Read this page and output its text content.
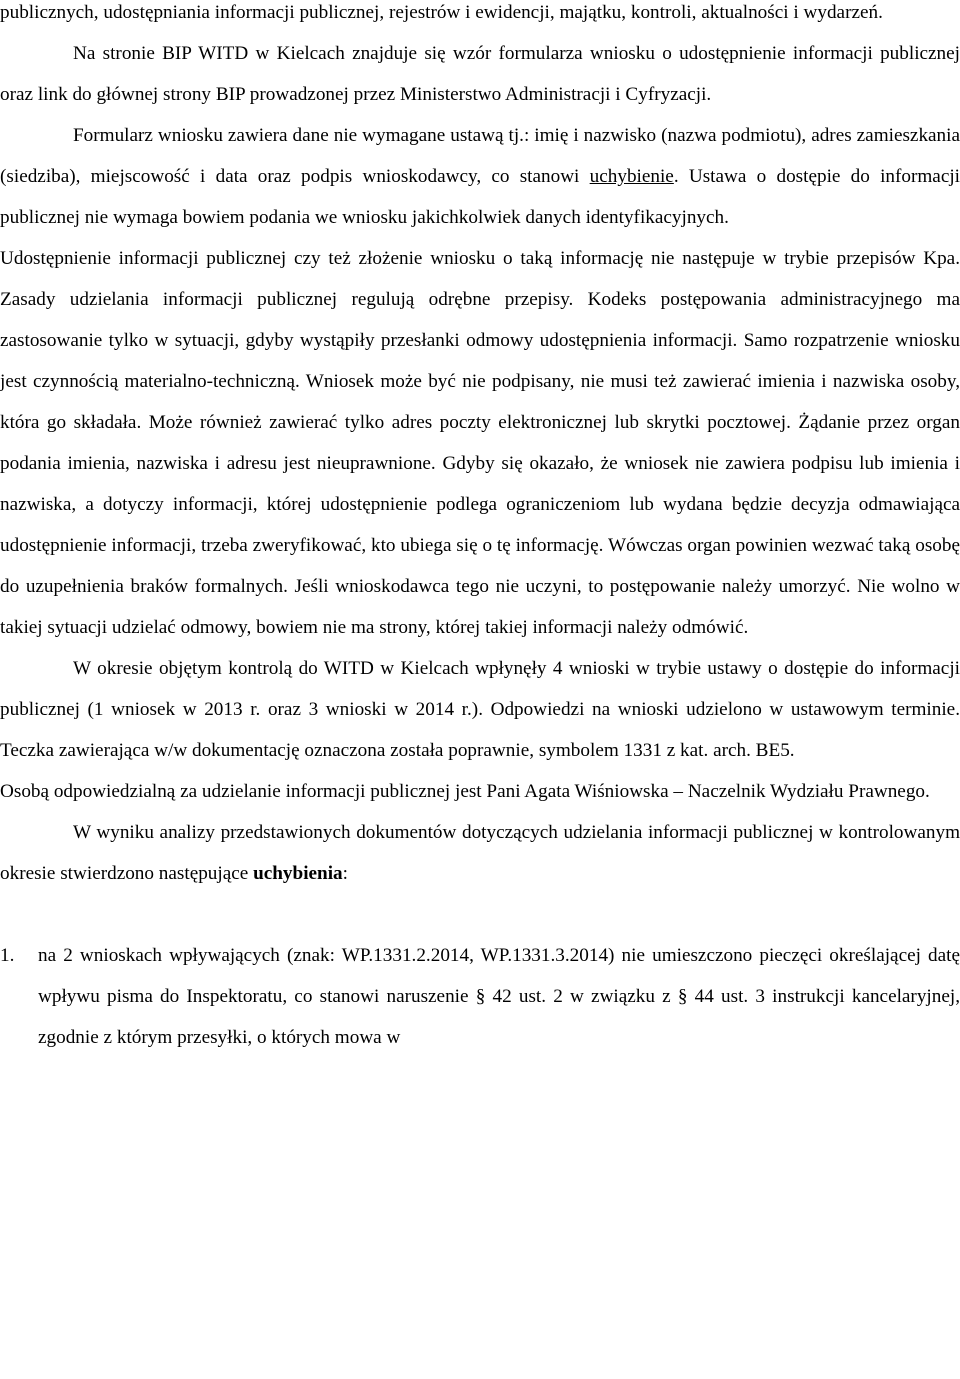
publicznych, udostępniania informacji publicznej, rejestrów i ewidencji, majątku, kontroli, aktualności i wydarzeń.

Na stronie BIP WITD w Kielcach znajduje się wzór formularza wniosku o udostępnienie informacji publicznej oraz link do głównej strony BIP prowadzonej przez Ministerstwo Administracji i Cyfryzacji.

Formularz wniosku zawiera dane nie wymagane ustawą tj.: imię i nazwisko (nazwa podmiotu), adres zamieszkania (siedziba), miejscowość i data oraz podpis wnioskodawcy, co stanowi uchybienie. Ustawa o dostępie do informacji publicznej nie wymaga bowiem podania we wniosku jakichkolwiek danych identyfikacyjnych.

Udostępnienie informacji publicznej czy też złożenie wniosku o taką informację nie następuje w trybie przepisów Kpa. Zasady udzielania informacji publicznej regulują odrębne przepisy. Kodeks postępowania administracyjnego ma zastosowanie tylko w sytuacji, gdyby wystąpiły przesłanki odmowy udostępnienia informacji. Samo rozpatrzenie wniosku jest czynnością materialno-techniczną. Wniosek może być nie podpisany, nie musi też zawierać imienia i nazwiska osoby, która go składała. Może również zawierać tylko adres poczty elektronicznej lub skrytki pocztowej. Żądanie przez organ podania imienia, nazwiska i adresu jest nieuprawnione. Gdyby się okazało, że wniosek nie zawiera podpisu lub imienia i nazwiska, a dotyczy informacji, której udostępnienie podlega ograniczeniom lub wydana będzie decyzja odmawiająca udostępnienie informacji, trzeba zweryfikować, kto ubiega się o tę informację. Wówczas organ powinien wezwać taką osobę do uzupełnienia braków formalnych. Jeśli wnioskodawca tego nie uczyni, to postępowanie należy umorzyć. Nie wolno w takiej sytuacji udzielać odmowy, bowiem nie ma strony, której takiej informacji należy odmówić.

W okresie objętym kontrolą do WITD w Kielcach wpłynęły 4 wnioski w trybie ustawy o dostępie do informacji publicznej (1 wniosek w 2013 r. oraz 3 wnioski w 2014 r.). Odpowiedzi na wnioski udzielono w ustawowym terminie. Teczka zawierająca w/w dokumentację oznaczona została poprawnie, symbolem 1331 z kat. arch. BE5.

Osobą odpowiedzialną za udzielanie informacji publicznej jest Pani Agata Wiśniowska – Naczelnik Wydziału Prawnego.

W wyniku analizy przedstawionych dokumentów dotyczących udzielania informacji publicznej w kontrolowanym okresie stwierdzono następujące uchybienia:

1. na 2 wnioskach wpływających (znak: WP.1331.2.2014, WP.1331.3.2014) nie umieszczono pieczęci określającej datę wpływu pisma do Inspektoratu, co stanowi naruszenie § 42 ust. 2 w związku z § 44 ust. 3 instrukcji kancelaryjnej, zgodnie z którym przesyłki, o których mowa w
